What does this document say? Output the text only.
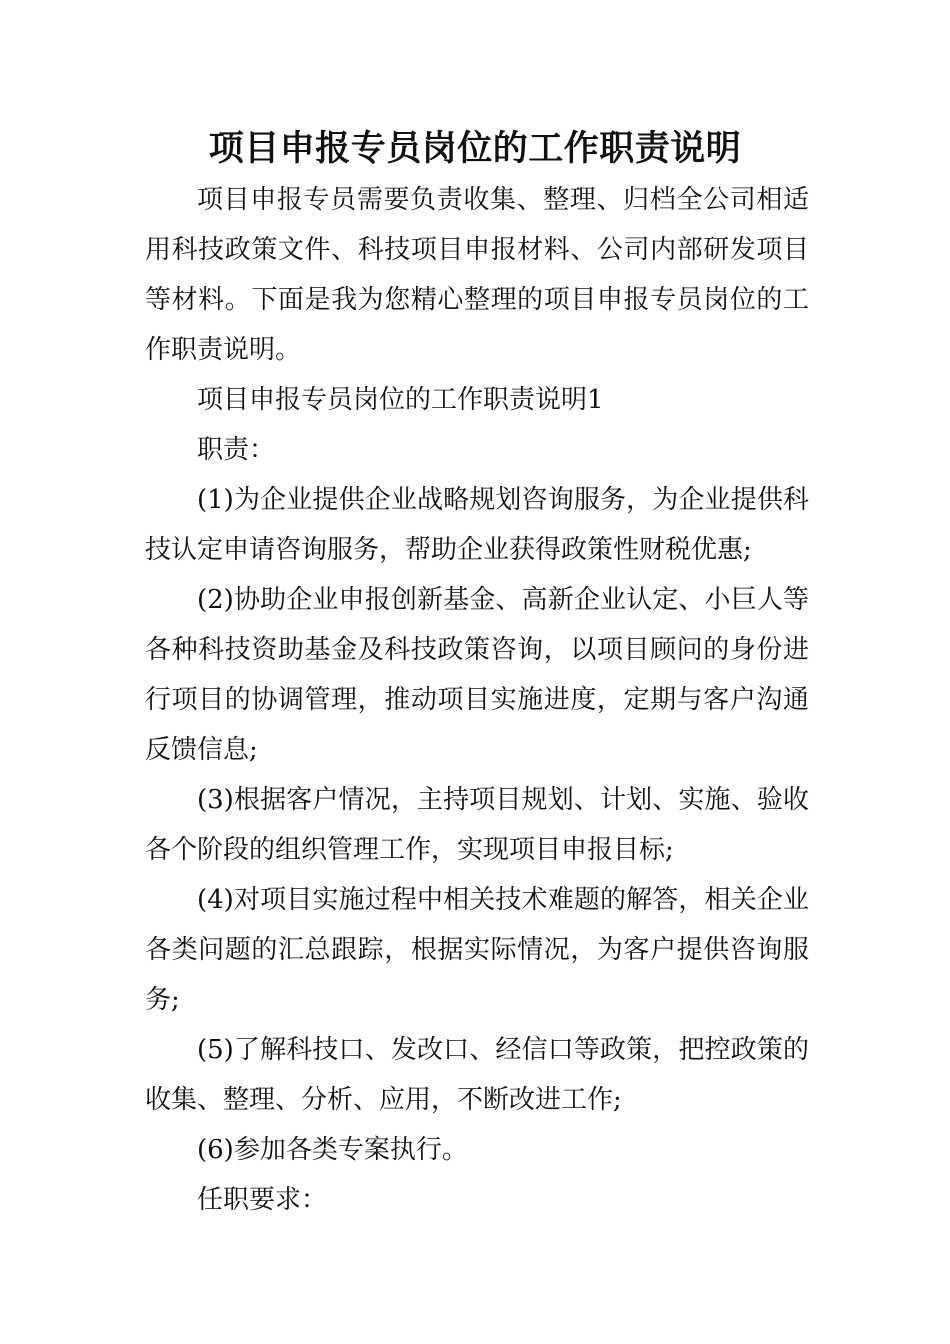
项目申报专员岗位的工作职责说明

项目申报专员需要负责收集、整理、归档全公司相适用科技政策文件、科技项目申报材料、公司内部研发项目等材料。下面是我为您精心整理的项目申报专员岗位的工作职责说明。

项目申报专员岗位的工作职责说明1

职责：

(1)为企业提供企业战略规划咨询服务，为企业提供科技认定申请咨询服务，帮助企业获得政策性财税优惠;

(2)协助企业申报创新基金、高新企业认定、小巨人等各种科技资助基金及科技政策咨询，以项目顾问的身份进行项目的协调管理，推动项目实施进度，定期与客户沟通反馈信息;

(3)根据客户情况，主持项目规划、计划、实施、验收各个阶段的组织管理工作，实现项目申报目标;

(4)对项目实施过程中相关技术难题的解答，相关企业各类问题的汇总跟踪，根据实际情况，为客户提供咨询服务;

(5)了解科技口、发改口、经信口等政策，把控政策的收集、整理、分析、应用，不断改进工作;

(6)参加各类专案执行。

任职要求：
